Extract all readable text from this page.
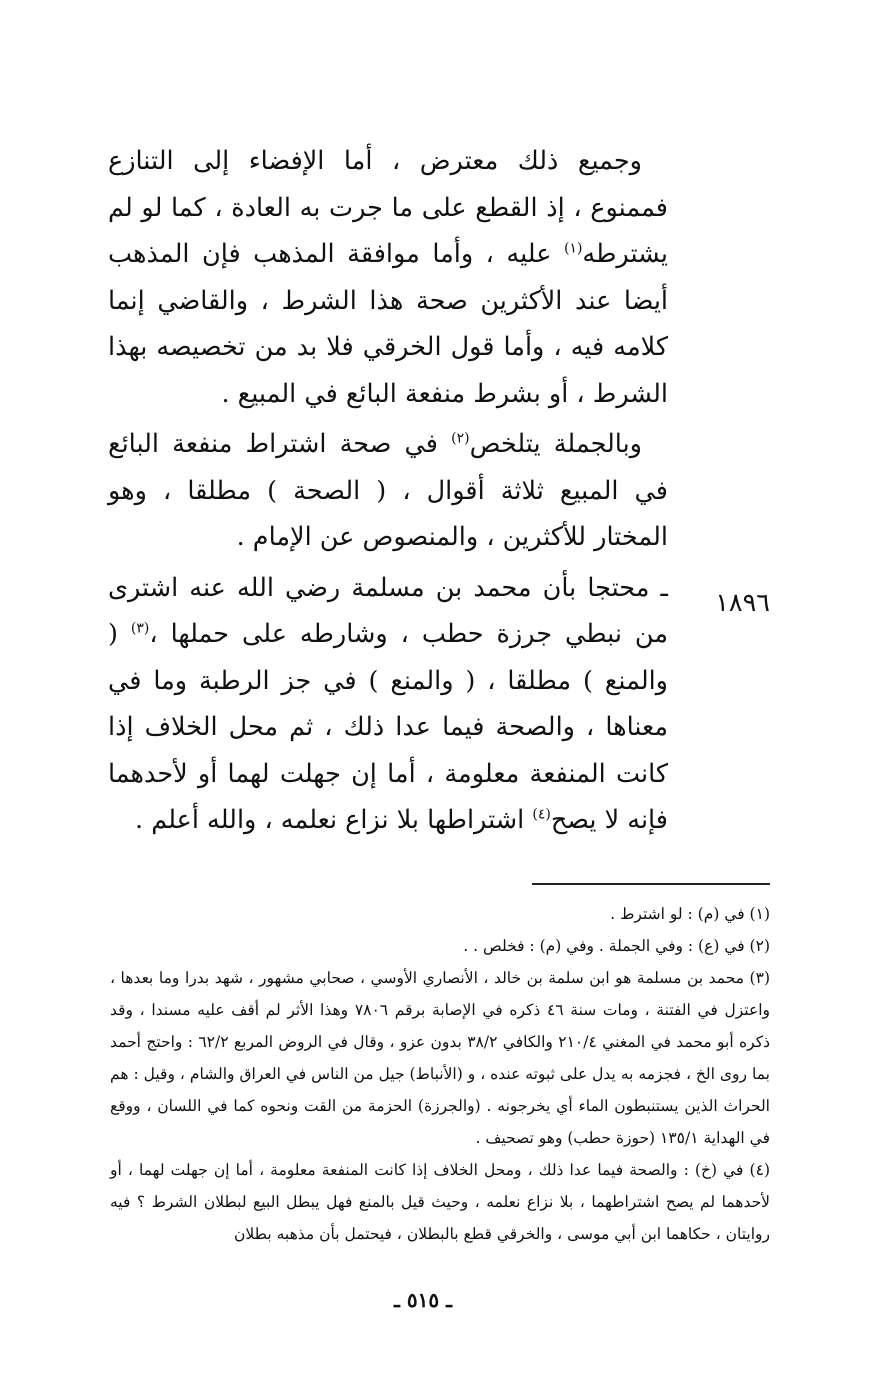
وجميع ذلك معترض ، أما الإفضاء إلى التنازع فممنوع ، إذ القطع على ما جرت به العادة ، كما لو لم يشترطه$^{(١)}$ عليه ، وأما موافقة المذهب فإن المذهب أيضا عند الأكثرين صحة هذا الشرط ، والقاضي إنما كلامه فيه ، وأما قول الخرقي فلا بد من تخصيصه بهذا الشرط ، أو بشرط منفعة البائع في المبيع .

وبالجملة يتلخص$^{(٢)}$ في صحة اشتراط منفعة البائع في المبيع ثلاثة أقوال ، ( الصحة ) مطلقا ، وهو المختار للأكثرين ، والمنصوص عن الإمام .

ـ محتجا بأن محمد بن مسلمة رضي الله عنه اشترى من نبطي جرزة حطب ، وشارطه على حملها ،$^{(٣)}$ ( والمنع ) مطلقا ، ( والمنع ) في جز الرطبة وما في معناها ، والصحة فيما عدا ذلك ، ثم محل الخلاف إذا كانت المنفعة معلومة ، أما إن جهلت لهما أو لأحدهما فإنه لا يصح$^{(٤)}$ اشتراطها بلا نزاع نعلمه ، والله أعلم .

١٨٩٦

(١) في (م) : لو اشترط .

(٢) في (ع) : وفي الجملة . وفي (م) : فخلص . .

(٣) محمد بن مسلمة هو ابن سلمة بن خالد ، الأنصاري الأوسي ، صحابي مشهور ، شهد بدرا وما بعدها ، واعتزل في الفتنة ، ومات سنة ٤٦ ذكره في الإصابة برقم ٧٨٠٦ وهذا الأثر لم أقف عليه مسندا ، وقد ذكره أبو محمد في المغني ٢١٠/٤ والكافي ٣٨/٢ بدون عزو ، وقال في الروض المربع ٦٢/٢ : واحتج أحمد بما روى الخ ، فجزمه به يدل على ثبوته عنده ، و (الأنباط) جيل من الناس في العراق والشام ، وقيل : هم الحراث الذين يستنبطون الماء أي يخرجونه . (والجرزة) الحزمة من القت ونحوه كما في اللسان ، ووقع في الهداية ١٣٥/١ (حوزة حطب) وهو تصحيف .

(٤) في (خ) : والصحة فيما عدا ذلك ، ومحل الخلاف إذا كانت المنفعة معلومة ، أما إن جهلت لهما ، أو لأحدهما لم يصح اشتراطهما ، بلا نزاع نعلمه ، وحيث قيل بالمنع فهل يبطل البيع لبطلان الشرط ؟ فيه روايتان ، حكاهما ابن أبي موسى ، والخرقي قطع بالبطلان ، فيحتمل بأن مذهبه بطلان

ـ ٥١٥ ـ
